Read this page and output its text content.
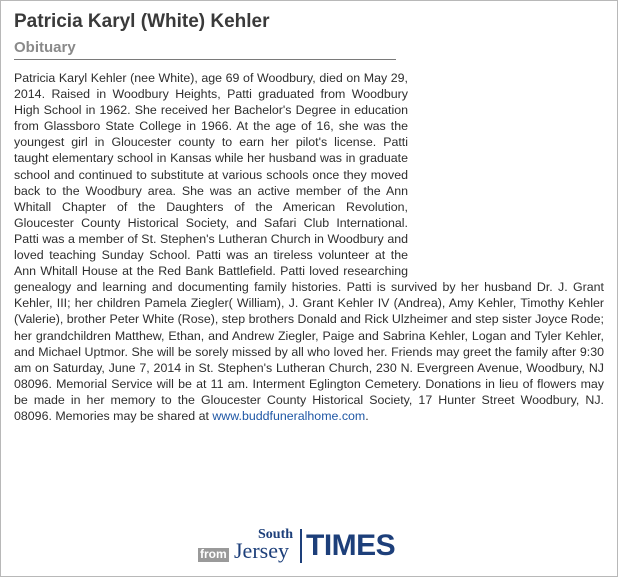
Patricia Karyl (White) Kehler
Obituary
Patricia Karyl Kehler (nee White), age 69 of Woodbury, died on May 29, 2014. Raised in Woodbury Heights, Patti graduated from Woodbury High School in 1962. She received her Bachelor's Degree in education from Glassboro State College in 1966. At the age of 16, she was the youngest girl in Gloucester county to earn her pilot's license. Patti taught elementary school in Kansas while her husband was in graduate school and continued to substitute at various schools once they moved back to the Woodbury area. She was an active member of the Ann Whitall Chapter of the Daughters of the American Revolution, Gloucester County Historical Society, and Safari Club International. Patti was a member of St. Stephen's Lutheran Church in Woodbury and loved teaching Sunday School. Patti was an tireless volunteer at the Ann Whitall House at the Red Bank Battlefield. Patti loved researching genealogy and learning and documenting family histories. Patti is survived by her husband Dr. J. Grant Kehler, III; her children Pamela Ziegler( William), J. Grant Kehler IV (Andrea), Amy Kehler, Timothy Kehler (Valerie), brother Peter White (Rose), step brothers Donald and Rick Ulzheimer and step sister Joyce Rode; her grandchildren Matthew, Ethan, and Andrew Ziegler, Paige and Sabrina Kehler, Logan and Tyler Kehler, and Michael Uptmor. She will be sorely missed by all who loved her. Friends may greet the family after 9:30 am on Saturday, June 7, 2014 in St. Stephen's Lutheran Church, 230 N. Evergreen Avenue, Woodbury, NJ 08096. Memorial Service will be at 11 am. Interment Eglington Cemetery. Donations in lieu of flowers may be made in her memory to the Gloucester County Historical Society, 17 Hunter Street Woodbury, NJ. 08096. Memories may be shared at www.buddfuneralhome.com.
from
South
Jersey TIMES
